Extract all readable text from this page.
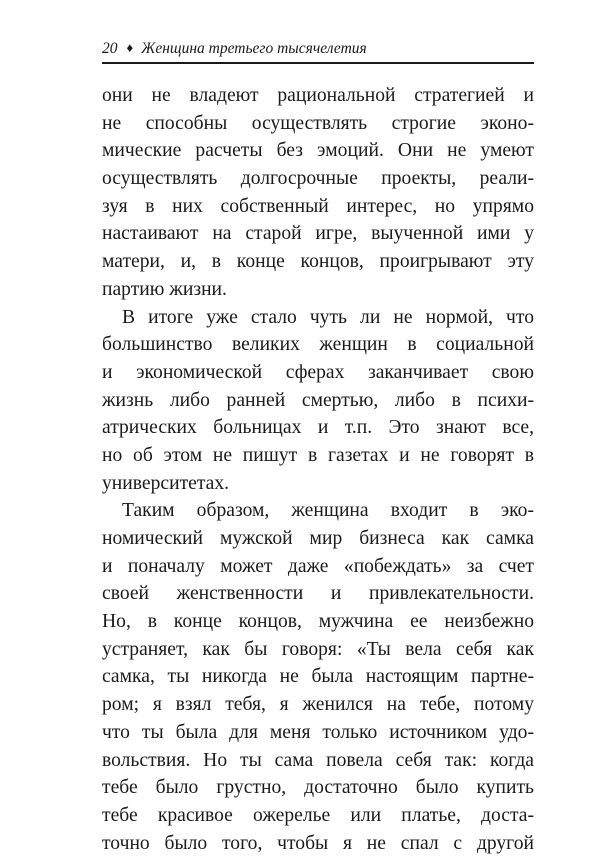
20 ♦ Женщина третьего тысячелетия
они не владеют рациональной стратегией и
не способны осуществлять строгие эконо-
мические расчеты без эмоций. Они не умеют
осуществлять долгосрочные проекты, реали-
зуя в них собственный интерес, но упрямо
настаивают на старой игре, выученной ими у
матери, и, в конце концов, проигрывают эту
партию жизни.
В итоге уже стало чуть ли не нормой, что
большинство великих женщин в социальной
и экономической сферах заканчивает свою
жизнь либо ранней смертью, либо в психи-
атрических больницах и т.п. Это знают все,
но об этом не пишут в газетах и не говорят в
университетах.
Таким образом, женщина входит в эко-
номический мужской мир бизнеса как самка
и поначалу может даже «побеждать» за счет
своей женственности и привлекательности.
Но, в конце концов, мужчина ее неизбежно
устраняет, как бы говоря: «Ты вела себя как
самка, ты никогда не была настоящим партне-
ром; я взял тебя, я женился на тебе, потому
что ты была для меня только источником удо-
вольствия. Но ты сама повела себя так: когда
тебе было грустно, достаточно было купить
тебе красивое ожерелье или платье, доста-
точно было того, чтобы я не спал с другой
